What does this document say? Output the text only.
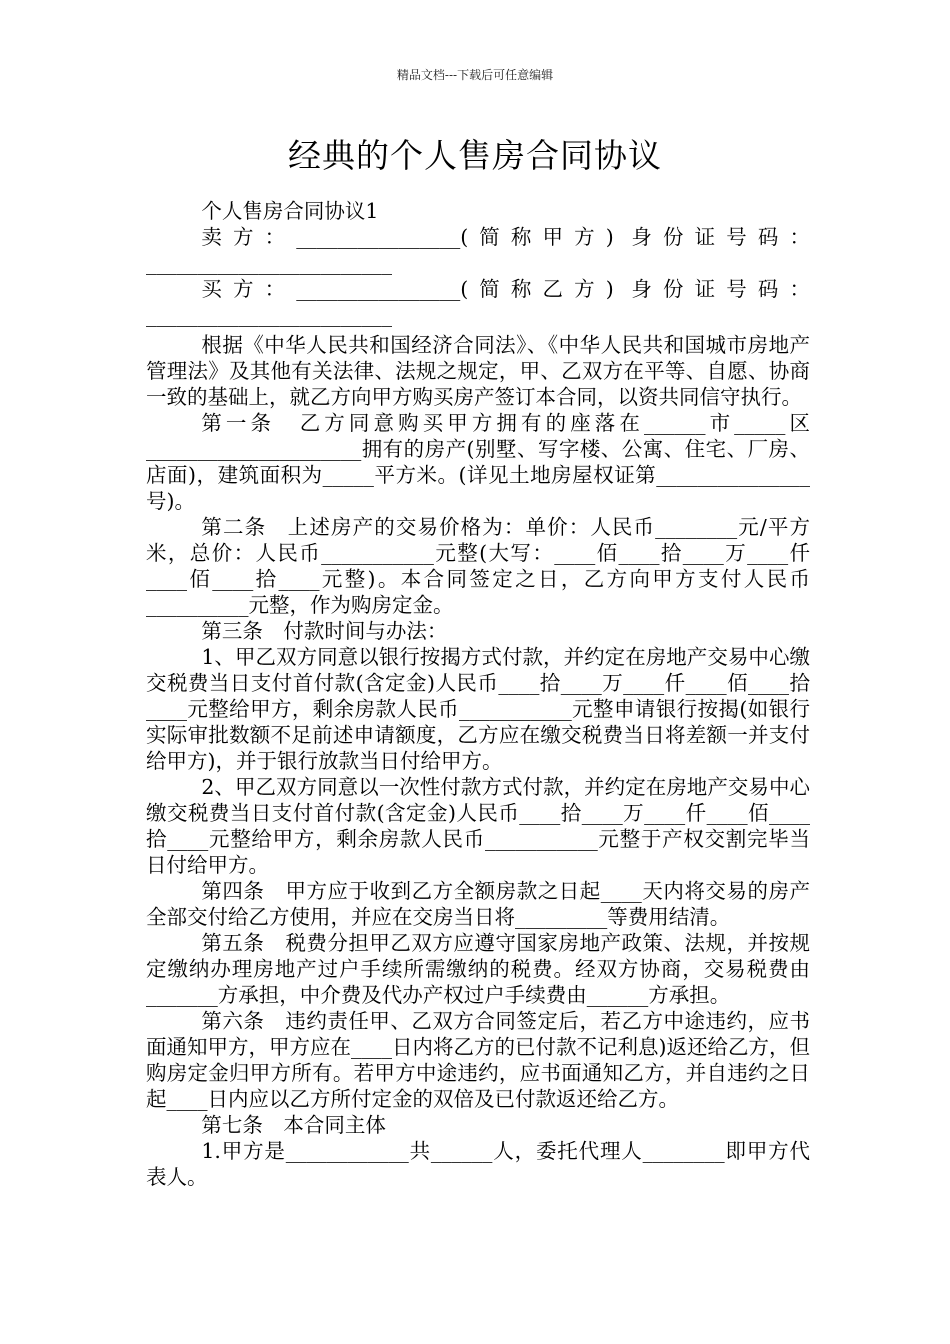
精品文档---下载后可任意编辑
经典的个人售房合同协议

个人售房合同协议1

卖方：________________(简称甲方) 身份证号码：________________________

买方：________________(简称乙方) 身份证号码：________________________

根据《中华人民共和国经济合同法》、《中华人民共和国城市房地产管理法》及其他有关法律、法规之规定，甲、乙双方在平等、自愿、协商一致的基础上，就乙方向甲方购买房产签订本合同，以资共同信守执行。

第一条　乙方同意购买甲方拥有的座落在______市_____区_____________________拥有的房产(别墅、写字楼、公寓、住宅、厂房、店面)，建筑面积为_____平方米。(详见土地房屋权证第_______________号)。

第二条　上述房产的交易价格为：单价：人民币________元/平方米，总价：人民币___________元整(大写：____佰____拾____万____仟____佰____拾____元整)。本合同签定之日，乙方向甲方支付人民币__________元整，作为购房定金。

第三条　付款时间与办法：

1、甲乙双方同意以银行按揭方式付款，并约定在房地产交易中心缴交税费当日支付首付款(含定金)人民币____拾____万____仟____佰____拾____元整给甲方，剩余房款人民币___________元整申请银行按揭(如银行实际审批数额不足前述申请额度，乙方应在缴交税费当日将差额一并支付给甲方)，并于银行放款当日付给甲方。

2、甲乙双方同意以一次性付款方式付款，并约定在房地产交易中心缴交税费当日支付首付款(含定金)人民币____拾____万____仟____佰____拾____元整给甲方，剩余房款人民币___________元整于产权交割完毕当日付给甲方。

第四条　甲方应于收到乙方全额房款之日起____天内将交易的房产全部交付给乙方使用，并应在交房当日将_________等费用结清。

第五条　税费分担甲乙双方应遵守国家房地产政策、法规，并按规定缴纳办理房地产过户手续所需缴纳的税费。经双方协商，交易税费由_______方承担，中介费及代办产权过户手续费由______方承担。

第六条　违约责任甲、乙双方合同签定后，若乙方中途违约，应书面通知甲方，甲方应在____日内将乙方的已付款不记利息)返还给乙方，但购房定金归甲方所有。若甲方中途违约，应书面通知乙方，并自违约之日起____日内应以乙方所付定金的双倍及已付款返还给乙方。

第七条　本合同主体

1.甲方是____________共______人，委托代理人________即甲方代表人。
